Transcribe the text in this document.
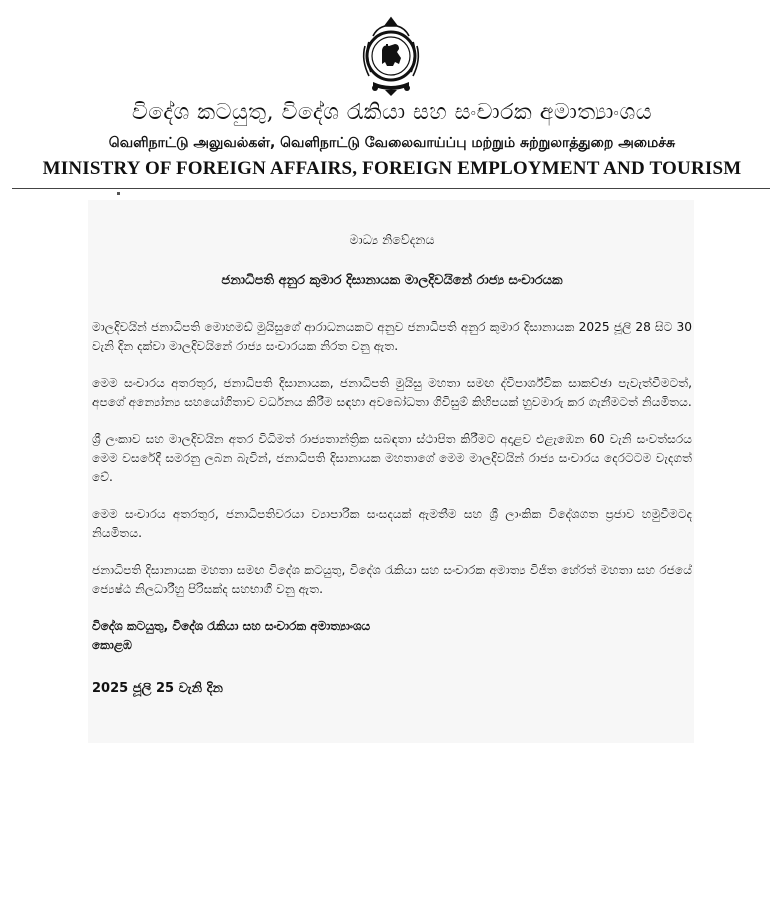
විදේශ කටයුතු, විදේශ රැකියා සහ සංචාරක අමාත්‍යාංශය
வெளிநாட்டு அலுவல்கள், வெளிநாட்டு வேலைவாய்ப்பு மற்றும் சுற்றுலாத்துறை அமைச்சு
MINISTRY OF FOREIGN AFFAIRS, FOREIGN EMPLOYMENT AND TOURISM
මාධ්‍ය නිවේදනය
ජනාධිපති අනුර කුමාර දිසානායක මාලදිවයිනේ රාජ්‍ය සංචාරයක

මාලදිවයින් ජනාධිපති මොහමඩ් මුයිසුගේ ආරාධනයකට අනුව ජනාධිපති අනුර කුමාර දිසානායක 2025 ජූලි 28 සිට 30 වැනි දින දක්වා මාලදිවයිනේ රාජ්‍ය සංචාරයක නිරත වනු ඇත.

මෙම සංචාරය අතරතුර, ජනාධිපති දිසානායක, ජනාධිපති මුයිසු මහතා සමඟ ද්විපාර්ශ්වික සාකච්ඡා පැවැත්වීමටත්, අපගේ අන්‍යෝන්‍ය සහයෝගිතාව වර්ධනය කිරීම සඳහා අවබෝධතා ගිවිසුම් කිහිපයක් හුවමාරු කර ගැනීමටත් නියමිතය.

ශ්‍රී ලංකාව සහ මාලදිවයින අතර විධිමත් රාජ්‍යතාන්ත්‍රික සබඳතා ස්ථාපිත කිරීමට අදාළව එළැඹෙන 60 වැනි සංවත්සරය මෙම වසරේදී සමරනු ලබන බැවින්, ජනාධිපති දිසානායක මහතාගේ මෙම මාලදිවයින් රාජ්‍ය සංචාරය දෙරටටම වැදගත් වේ.

මෙම සංචාරය අතරතුර, ජනාධිපතිවරයා ව්‍යාපාරික සංසදයක් ඇමතීම සහ ශ්‍රී ලාංකික විදේශගත ප්‍රජාව හමුවීමටද නියමිතය.

ජනාධිපති දිසානායක මහතා සමඟ විදේශ කටයුතු, විදේශ රැකියා සහ සංචාරක අමාත්‍ය විජිත හේරත් මහතා සහ රජයේ ජ්‍යෙෂ්ඨ නිලධාරීහු පිරිසක්ද සහභාගී වනු ඇත.

විදේශ කටයුතු, විදේශ රැකියා සහ සංචාරක අමාත්‍යාංශය
කොළඹ
2025 ජූලි 25 වැනි දින
